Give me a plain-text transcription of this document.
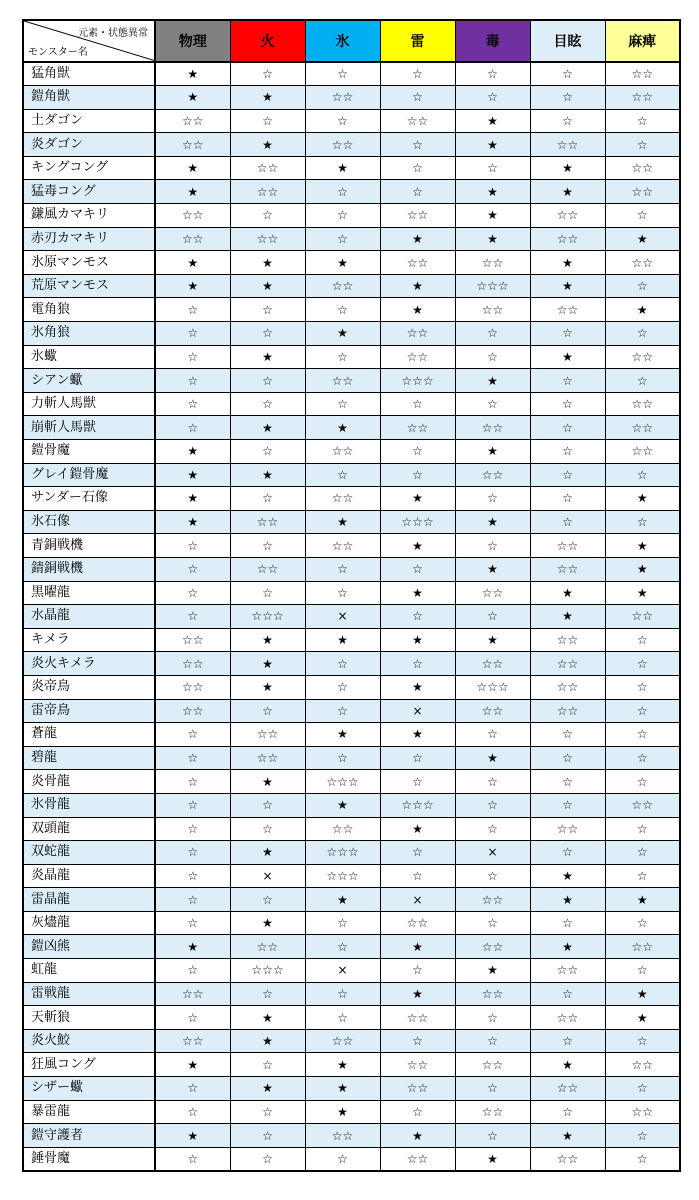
元素・状態異常
モンスター名	物理	火	氷	雷	毒	目眩	麻痺
猛角獣	★	☆	☆	☆	☆	☆	☆☆
鎧角獣	★	★	☆☆	☆	☆	☆	☆☆
土ダゴン	☆☆	☆	☆	☆☆	★	☆	☆
炎ダゴン	☆☆	★	☆☆	☆	★	☆☆	☆
キングコング	★	☆☆	★	☆	☆	★	☆☆
猛毒コング	★	☆☆	☆	☆	★	★	☆☆
鎌風カマキリ	☆☆	☆	☆	☆☆	★	☆☆	☆
赤刃カマキリ	☆☆	☆☆	☆	★	★	☆☆	★
氷原マンモス	★	★	★	☆☆	☆☆	★	☆☆
荒原マンモス	★	★	☆☆	★	☆☆☆	★	☆
電角狼	☆	☆	☆	★	☆☆	☆☆	★
氷角狼	☆	☆	★	☆☆	☆	☆	☆
氷蠍	☆	★	☆	☆☆	☆	★	☆☆
シアン蠍	☆	☆	☆☆	☆☆☆	★	☆	☆
力斬人馬獣	☆	☆	☆	☆	☆	☆	☆☆
崩斬人馬獣	☆	★	★	☆☆	☆☆	☆	☆☆
鎧骨魔	★	☆	☆☆	☆	★	☆	☆☆
グレイ鎧骨魔	★	★	☆	☆	☆☆	☆	☆
サンダー石像	★	☆	☆☆	★	☆	☆	★
氷石像	★	☆☆	★	☆☆☆	★	☆	☆
青銅戦機	☆	☆	☆☆	★	☆	☆☆	★
錆銅戦機	☆	☆☆	☆	☆	★	☆☆	★
黒曜龍	☆	☆	☆	★	☆☆	★	★
水晶龍	☆	☆☆☆	×	☆	☆	★	☆☆
キメラ	☆☆	★	★	★	★	☆☆	☆
炎火キメラ	☆☆	★	☆	☆	☆☆	☆☆	☆
炎帝鳥	☆☆	★	☆	★	☆☆☆	☆☆	☆
雷帝鳥	☆☆	☆	☆	×	☆☆	☆☆	☆
蒼龍	☆	☆☆	★	★	☆	☆	☆
碧龍	☆	☆☆	☆	☆	★	☆	☆
炎骨龍	☆	★	☆☆☆	☆	☆	☆	☆
氷骨龍	☆	☆	★	☆☆☆	☆	☆	☆☆
双頭龍	☆	☆	☆☆	★	☆	☆☆	☆
双蛇龍	☆	★	☆☆☆	☆	×	☆	☆
炎晶龍	☆	×	☆☆☆	☆	☆	★	☆
雷晶龍	☆	☆	★	×	☆☆	★	★
灰燼龍	☆	★	☆	☆☆	☆	☆	☆
鎧凶熊	★	☆☆	☆	★	☆☆	★	☆☆
虹龍	☆	☆☆☆	×	☆	★	☆☆	☆
雷戦龍	☆☆	☆	☆	★	☆☆	☆	★
天斬狼	☆	★	☆	☆☆	☆	☆☆	★
炎火鮫	☆☆	★	☆☆	☆	☆	☆	☆
狂風コング	★	☆	★	☆☆	☆☆	★	☆☆
シザー蠍	☆	★	★	☆☆	☆	☆☆	☆
暴雷龍	☆	☆	★	☆	☆☆	☆	☆☆
鎧守護者	★	☆	☆☆	★	☆	★	☆
錘骨魔	☆	☆	☆	☆☆	★	☆☆	☆
